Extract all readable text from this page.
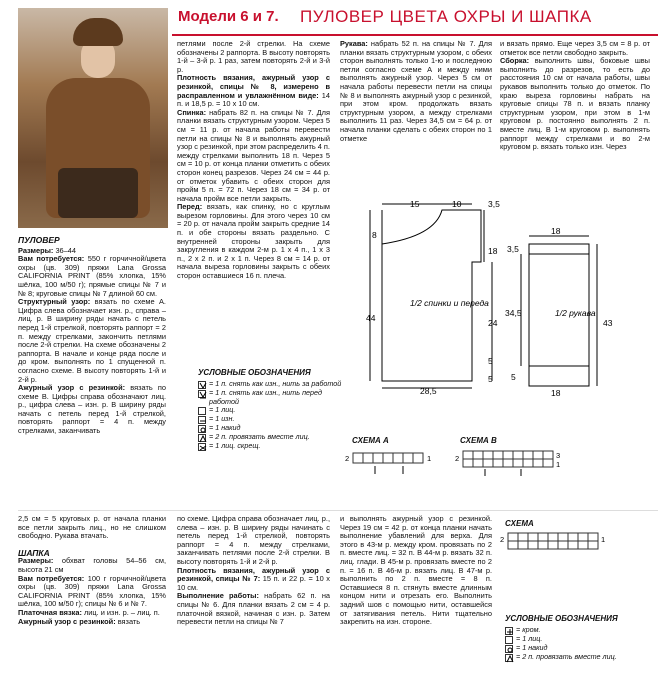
Модели 6 и 7. ПУЛОВЕР ЦВЕТА ОХРЫ И ШАПКА

ПУЛОВЕР

Размеры: 36–44

Вам потребуется: 550 г горчичной/цвета охры (цв. 309) пряжи Lana Grossa CALIFORNIA PRINT (85% хлопка, 15% шёлка, 100 м/50 г); прямые спицы № 7 и № 8; круговые спицы № 7 длиной 60 см.

Структурный узор: вязать по схеме А. Цифра слева обозначает изн. р., справа – лиц. р. В ширину ряды начать с петель перед 1-й стрелкой, повторять раппорт = 2 п. между стрелками, закончить петлями после 2-й стрелки. На схеме обозначены 2 раппорта. В начале и конце ряда после и до кром. выполнять по 1 спущенной п. согласно схеме. В высоту повторять 1-й и 2-й р.

Ажурный узор с резинкой: вязать по схеме В. Цифры справа обозначают лиц. р., цифра слева – изн. р. В ширину ряды начать с петель перед 1-й стрелкой, повторять раппорт = 4 п. между стрелками, заканчивать

петлями после 2-й стрелки. На схеме обозначены 2 раппорта. В высоту повторять 1-й – 3-й р. 1 раз, затем повторять 2-й и 3-й р.

Плотность вязания, ажурный узор с резинкой, спицы № 8, измерено в расправленном и увлажнённом виде: 14 п. и 18,5 р. = 10 х 10 см.

Спинка: набрать 82 п. на спицы № 7. Для планки вязать структурным узором. Через 5 см = 11 р. от начала работы перевести петли на спицы № 8 и выполнять ажурный узор с резинкой, при этом распределить 4 п. между стрелками выполнить 18 п. Через 5 см = 10 р. от конца планки отметить с обеих сторон конец разрезов. Через 24 см = 44 р. от отметок убавить с обеих сторон для пройм 5 п. = 72 п. Через 18 см = 34 р. от начала пройм все петли закрыть.

Перед: вязать, как спинку, но с круглым вырезом горловины. Для этого через 10 см = 20 р. от начала пройм закрыть средние 14 п. и обе стороны вязать раздельно. С внутренней стороны закрыть для закругления в каждом 2-м р. 1 х 4 п., 1 х 3 п., 2 х 2 п. и 2 х 1 п. Через 8 см = 14 р. от начала выреза горловины закрыть с обеих сторон оставшиеся 16 п. плеча.

УСЛОВНЫЕ ОБОЗНАЧЕНИЯ
= 1 п. снять как изн., нить за работой
= 1 п. снять как изн., нить перед работой
= 1 лиц.
= 1 изн.
= 1 накид
= 2 п. провязать вместе лиц.
= 1 лиц. скрещ.

Рукава: набрать 52 п. на спицы № 7. Для планки вязать структурным узором, с обеих сторон выполнять только 1-ю и последнюю петли согласно схеме А и между ними выполнять ажурный узор. Через 5 см от начала работы перевести петли на спицы № 8 и выполнять ажурный узор с резинкой, при этом кром. продолжать вязать структурным узором, а между стрелками выполнить 11 раз. Через 34,5 см = 64 р. от начала планки сделать с обеих сторон по 1 отметке

и вязать прямо. Еще через 3,5 см = 8 р. от отметок все петли свободно закрыть.

Сборка: выполнить швы, боковые швы выполнить до разрезов, то есть до расстояния 10 см от начала работы, швы рукавов выполнить только до отметок. По краю выреза горловины набрать на круговые спицы 78 п. и вязать планку структурным узором, при этом в 1-м круговом р. постоянно выполнять 2 п. вместе лиц. В 1-м круговом р. выполнять раппорт между стрелками и во 2-м круговом р. вязать только изн. Через

15	10	3,5
8
18
24
44
5
5
28,5
1/2 спинки и переда
18
3,5
34,5
43
5
18
1/2 рукава
СХЕМА А
2	1
СХЕМА В
2	3
1

2,5 см = 5 круговых р. от начала планки все петли закрыть лиц., но не слишком свободно. Рукава втачать.

ШАПКА

Размеры: обхват головы 54–56 см, высота 21 см

Вам потребуется: 100 г горчичной/цвета охры (цв. 309) пряжи Lana Grossa CALIFORNIA PRINT (85% хлопка, 15% шёлка, 100 м/50 г); спицы № 6 и № 7.

Платочная вязка: лиц. и изн. р. – лиц. п.

Ажурный узор с резинкой: вязать

по схеме. Цифра справа обозначает лиц. р., слева – изн. р. В ширину ряды начинать с петель перед 1-й стрелкой, повторять раппорт = 4 п. между стрелками, заканчивать петлями после 2-й стрелки. В высоту повторять 1-й и 2-й р.

Плотность вязания, ажурный узор с резинкой, спицы № 7: 15 п. и 22 р. = 10 х 10 см.

Выполнение работы: набрать 62 п. на спицы № 6. Для планки вязать 2 см = 4 р. платочной вязкой, начиная с изн. р. Затем перевести петли на спицы № 7

и выполнять ажурный узор с резинкой. Через 19 см = 42 р. от конца планки начать выполнение убавлений для верха. Для этого в 43-м р. между кром. провязать по 2 п. вместе лиц. = 32 п. В 44-м р. вязать 32 п. лиц. глади. В 45-м р. провязать вместе по 2 п. = 16 п. В 46-м р. вязать лиц. В 47-м р. выполнить по 2 п. вместе = 8 п. Оставшиеся 8 п. стянуть вместе длинным концом нити и отрезать его. Выполнить задний шов с помощью нити, оставшейся от затягивания петель. Нити тщательно закрепить на изн. стороне.

СХЕМА
2	1
УСЛОВНЫЕ ОБОЗНАЧЕНИЯ
= кром.
= 1 лиц.
= 1 накид
= 2 п. провязать вместе лиц.
